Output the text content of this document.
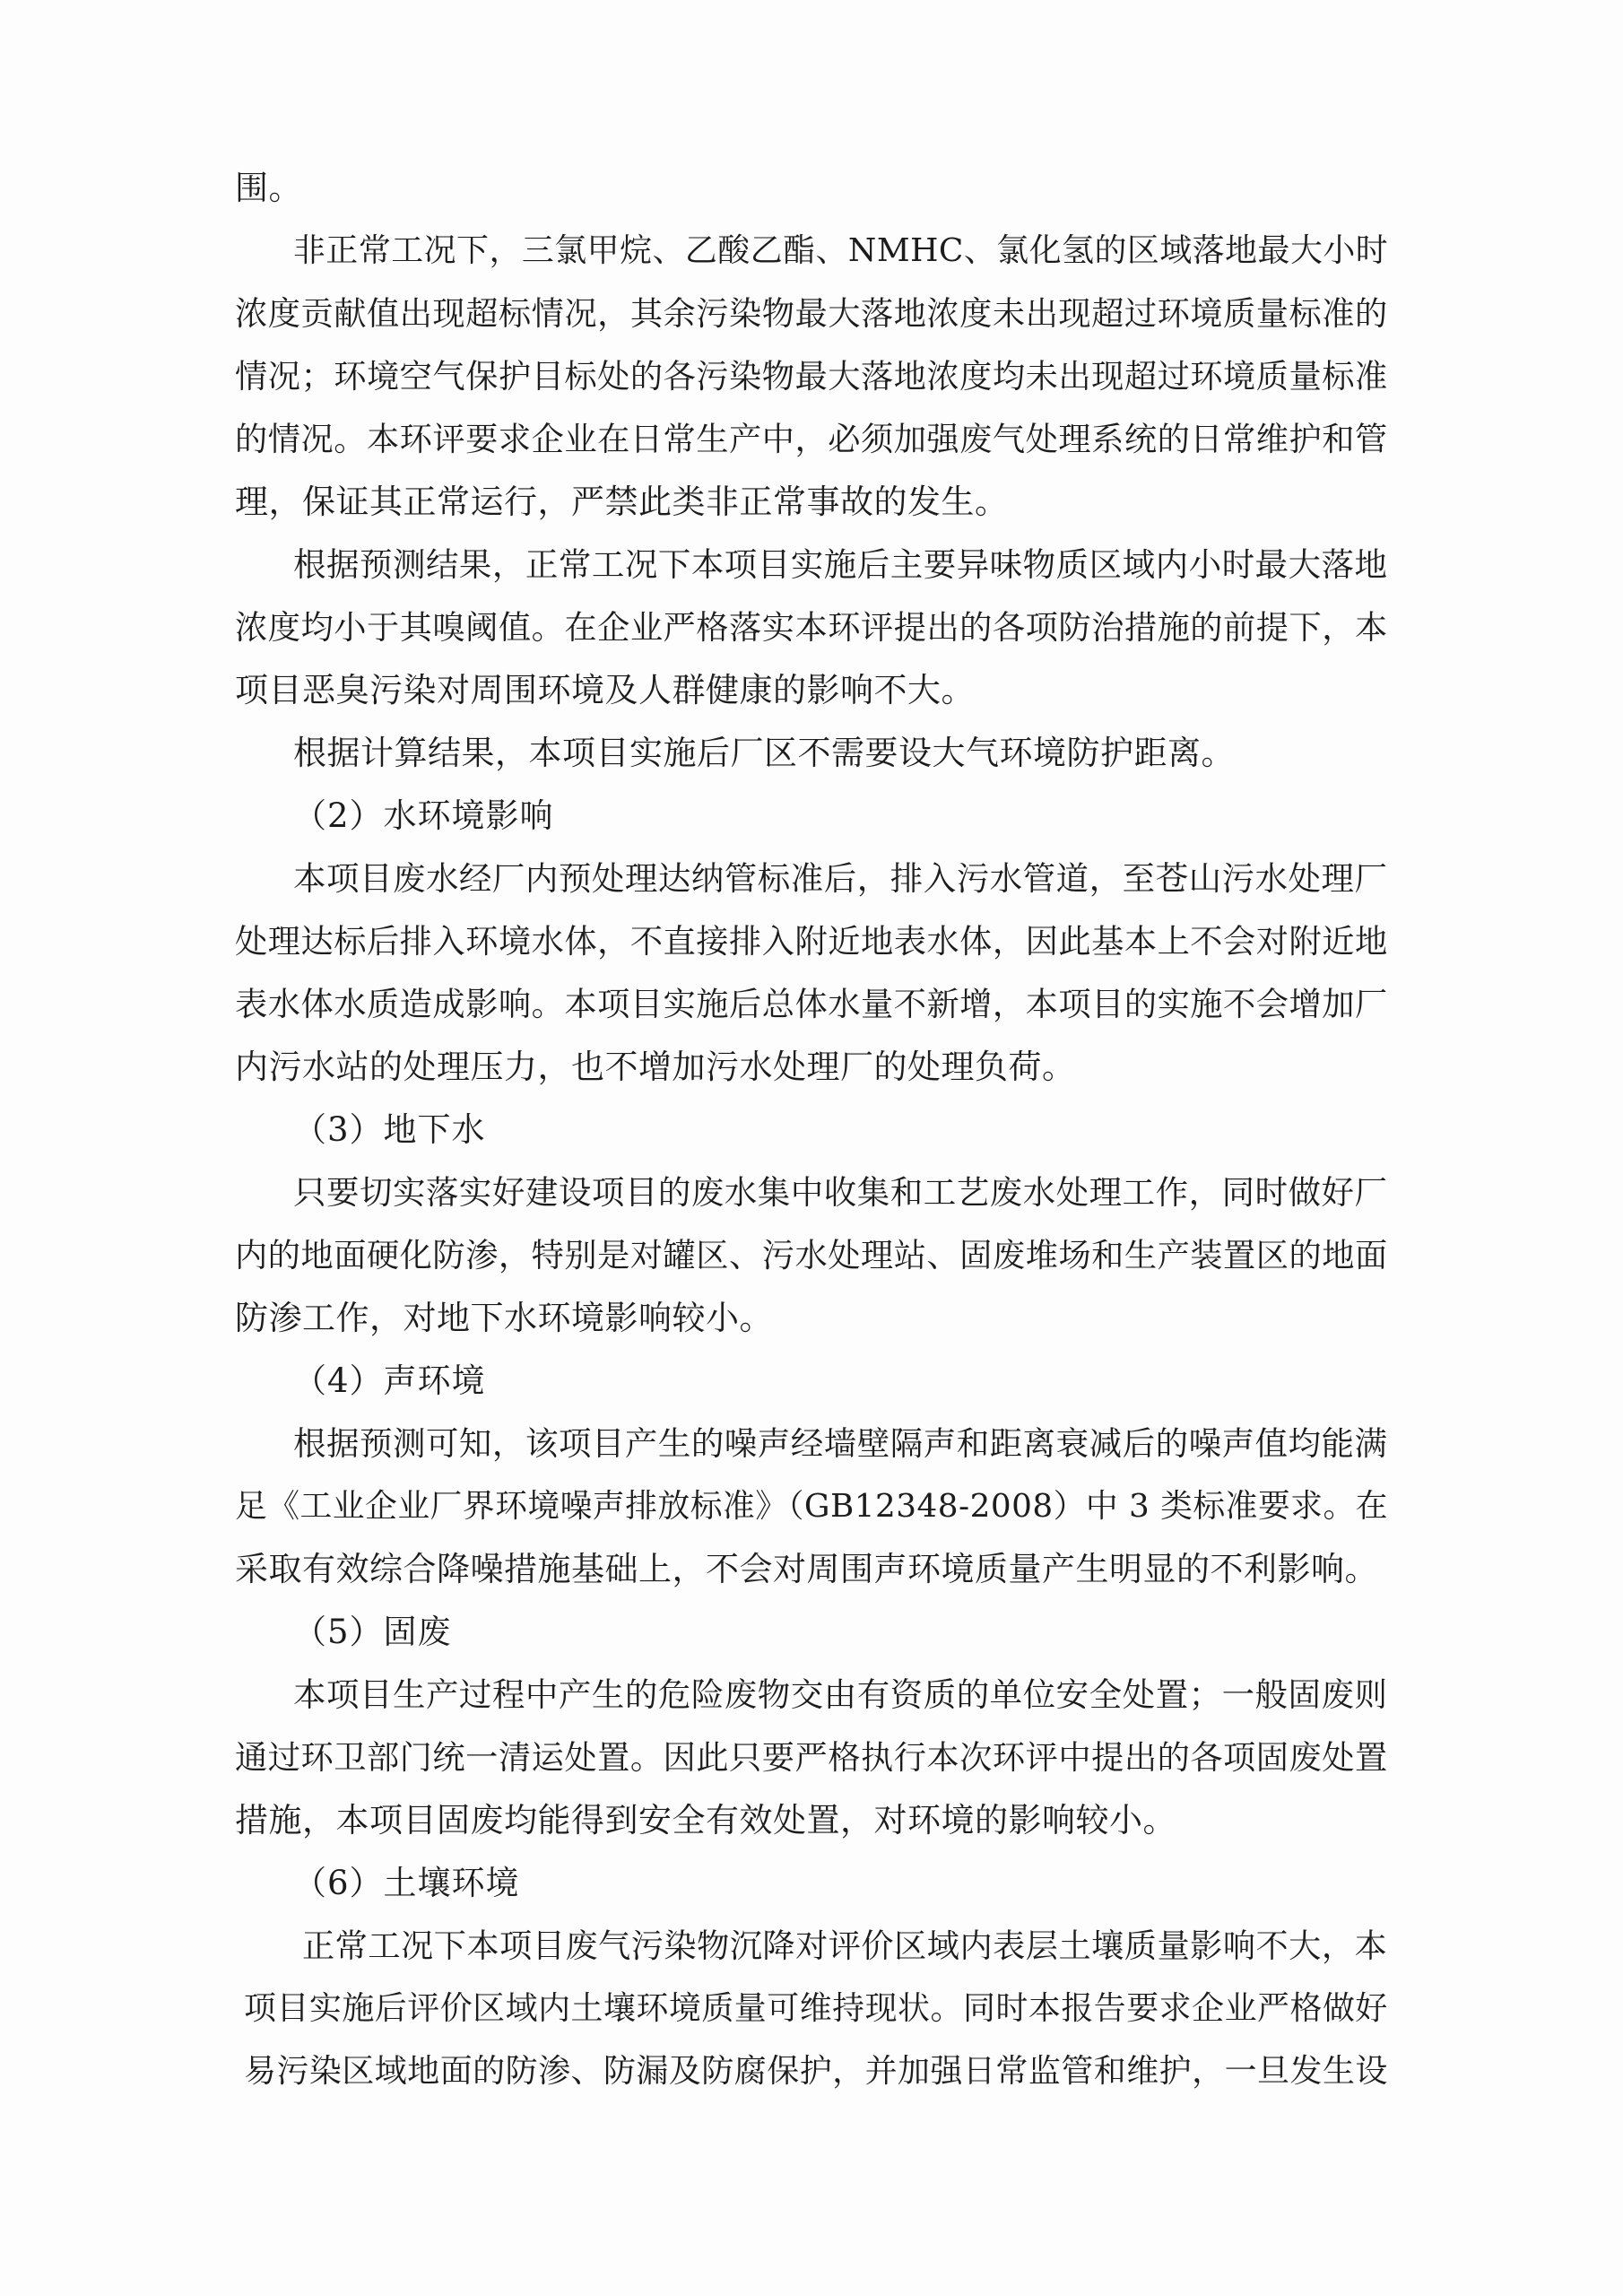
围。
非正常工况下，三氯甲烷、乙酸乙酯、NMHC、氯化氢的区域落地最大小时
浓度贡献值出现超标情况，其余污染物最大落地浓度未出现超过环境质量标准的
情况；环境空气保护目标处的各污染物最大落地浓度均未出现超过环境质量标准
的情况。本环评要求企业在日常生产中，必须加强废气处理系统的日常维护和管
理，保证其正常运行，严禁此类非正常事故的发生。
根据预测结果，正常工况下本项目实施后主要异味物质区域内小时最大落地
浓度均小于其嗅阈值。在企业严格落实本环评提出的各项防治措施的前提下，本
项目恶臭污染对周围环境及人群健康的影响不大。
根据计算结果，本项目实施后厂区不需要设大气环境防护距离。
（2）水环境影响
本项目废水经厂内预处理达纳管标准后，排入污水管道，至苍山污水处理厂
处理达标后排入环境水体，不直接排入附近地表水体，因此基本上不会对附近地
表水体水质造成影响。本项目实施后总体水量不新增，本项目的实施不会增加厂
内污水站的处理压力，也不增加污水处理厂的处理负荷。
（3）地下水
只要切实落实好建设项目的废水集中收集和工艺废水处理工作，同时做好厂
内的地面硬化防渗，特别是对罐区、污水处理站、固废堆场和生产装置区的地面
防渗工作，对地下水环境影响较小。
（4）声环境
根据预测可知，该项目产生的噪声经墙壁隔声和距离衰减后的噪声值均能满
足《工业企业厂界环境噪声排放标准》（GB12348-2008）中 3 类标准要求。在
采取有效综合降噪措施基础上，不会对周围声环境质量产生明显的不利影响。
（5）固废
本项目生产过程中产生的危险废物交由有资质的单位安全处置；一般固废则
通过环卫部门统一清运处置。因此只要严格执行本次环评中提出的各项固废处置
措施，本项目固废均能得到安全有效处置，对环境的影响较小。
（6）土壤环境
正常工况下本项目废气污染物沉降对评价区域内表层土壤质量影响不大，本
项目实施后评价区域内土壤环境质量可维持现状。同时本报告要求企业严格做好
易污染区域地面的防渗、防漏及防腐保护，并加强日常监管和维护，一旦发生设
